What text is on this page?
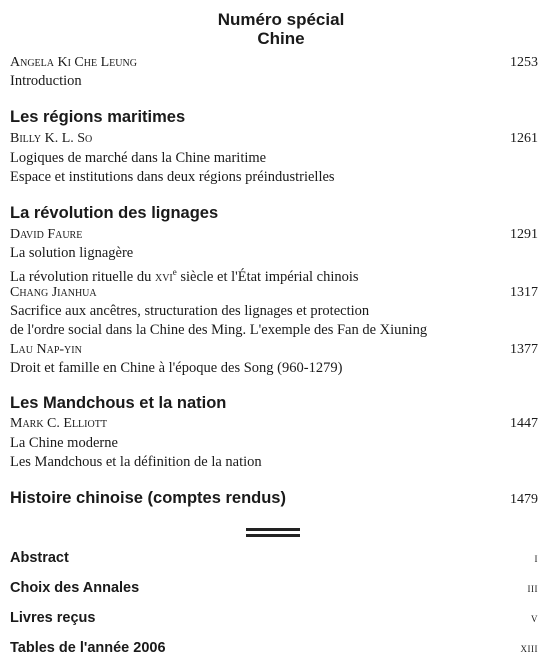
Numéro spécial
Chine
Angela Ki Che Leung	1253
Introduction
Les régions maritimes
Billy K. L. So	1261
Logiques de marché dans la Chine maritime
Espace et institutions dans deux régions préindustrielles
La révolution des lignages
David Faure	1291
La solution lignagère
La révolution rituelle du xvi$^e$ siècle et l'État impérial chinois
Chang Jianhua	1317
Sacrifice aux ancêtres, structuration des lignages et protection
de l'ordre social dans la Chine des Ming. L'exemple des Fan de Xiuning
Lau Nap-yin	1377
Droit et famille en Chine à l'époque des Song (960-1279)
Les Mandchous et la nation
Mark C. Elliott	1447
La Chine moderne
Les Mandchous et la définition de la nation
Histoire chinoise (comptes rendus)	1479
Abstract	i
Choix des Annales	iii
Livres reçus	v
Tables de l'année 2006	xiii
